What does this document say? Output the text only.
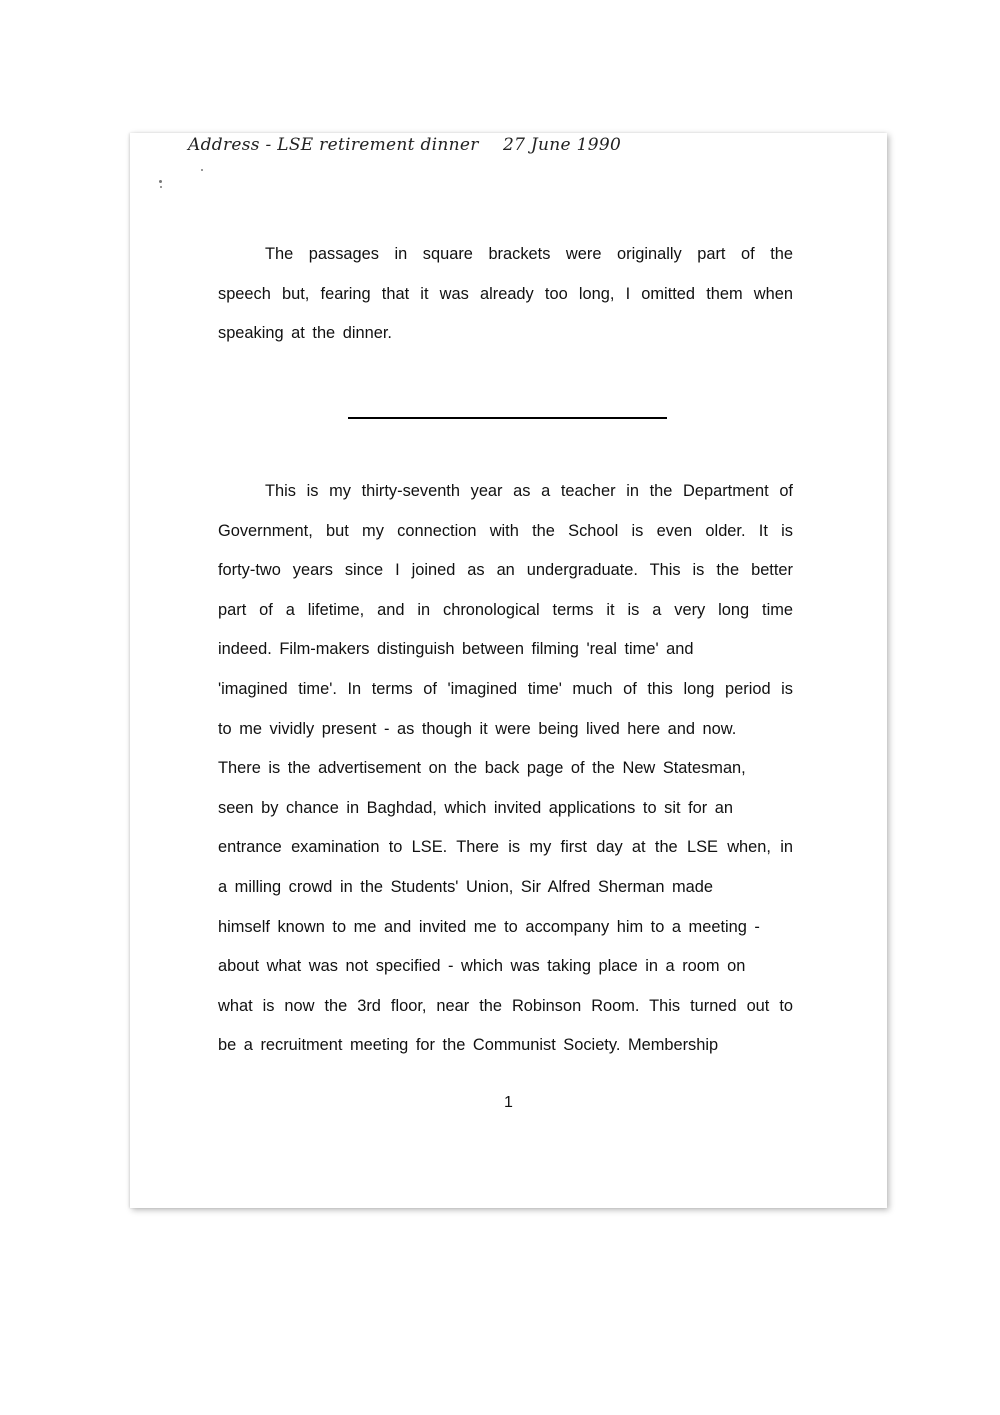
Address - LSE retirement dinner 27 June 1990

The passages in square brackets were originally part of the
speech but, fearing that it was already too long, I omitted them when
speaking at the dinner.

This is my thirty-seventh year as a teacher in the Department of
Government, but my connection with the School is even older. It is
forty-two years since I joined as an undergraduate. This is the better
part of a lifetime, and in chronological terms it is a very long time
indeed. Film-makers distinguish between filming 'real time' and
'imagined time'. In terms of 'imagined time' much of this long period is
to me vividly present - as though it were being lived here and now.
There is the advertisement on the back page of the New Statesman,
seen by chance in Baghdad, which invited applications to sit for an
entrance examination to LSE. There is my first day at the LSE when, in
a milling crowd in the Students' Union, Sir Alfred Sherman made
himself known to me and invited me to accompany him to a meeting -
about what was not specified - which was taking place in a room on
what is now the 3rd floor, near the Robinson Room. This turned out to
be a recruitment meeting for the Communist Society. Membership

1
